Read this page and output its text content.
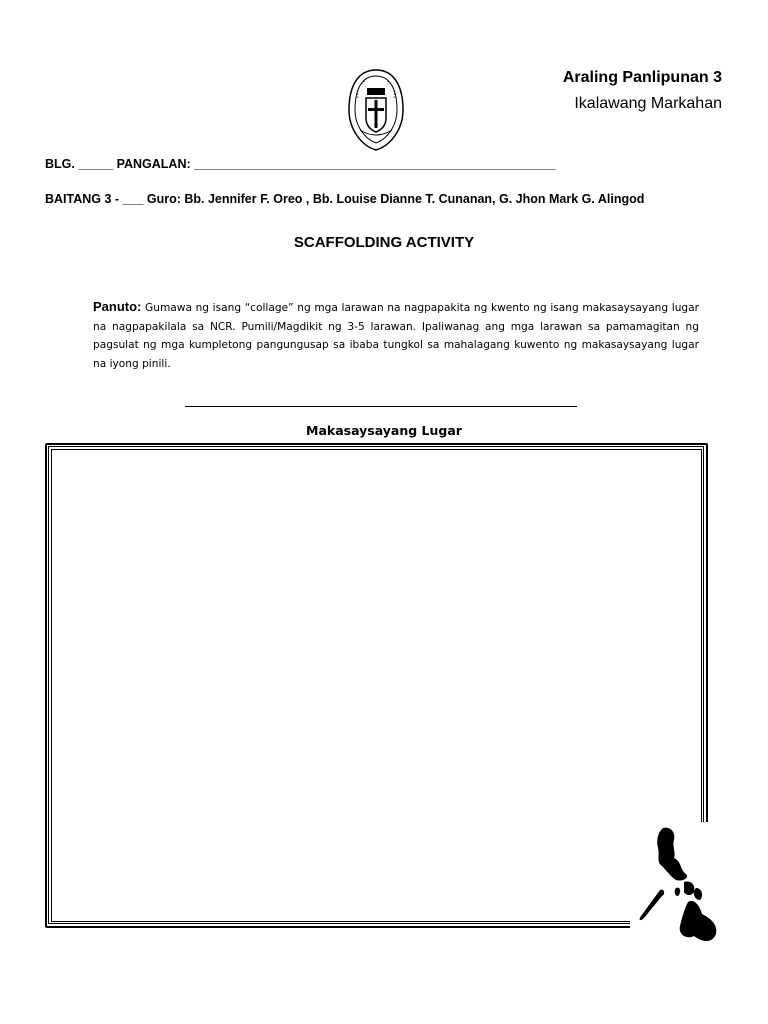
Araling Panlipunan 3
Ikalawang Markahan
BLG. _____ PANGALAN: ____________________________________________________
BAITANG 3 - ___ Guro: Bb. Jennifer F. Oreo , Bb. Louise Dianne T. Cunanan, G. Jhon Mark G. Alingod
SCAFFOLDING ACTIVITY
Panuto: Gumawa ng isang “collage” ng mga larawan na nagpapakita ng kwento ng isang makasaysayang lugar na nagpapakilala sa NCR. Pumili/Magdikit ng 3-5 larawan. Ipaliwanag ang mga larawan sa pamamagitan ng pagsulat ng mga kumpletong pangungusap sa ibaba tungkol sa mahalagang kuwento ng makasaysayang lugar na iyong pinili.
Makasaysayang Lugar
